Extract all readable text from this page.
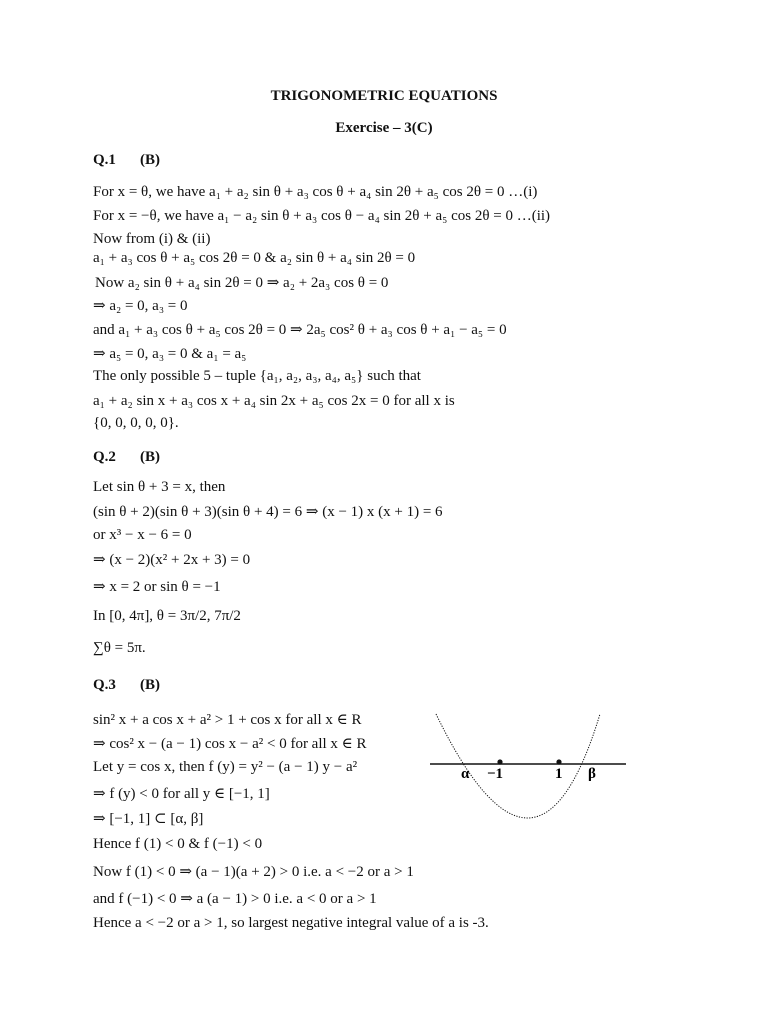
TRIGONOMETRIC EQUATIONS
Exercise – 3(C)
Q.1 (B)
For x = θ, we have a₁ + a₂ sin θ + a₃ cos θ + a₄ sin 2θ + a₅ cos 2θ = 0 …(i)
For x = −θ, we have a₁ − a₂ sin θ + a₃ cos θ − a₄ sin 2θ + a₅ cos 2θ = 0 …(ii)
Now from (i) & (ii)
a₁ + a₃ cos θ + a₅ cos 2θ = 0 & a₂ sin θ + a₄ sin 2θ = 0
Now a₂ sin θ + a₄ sin 2θ = 0 ⇒ a₂ + 2a₃ cos θ = 0
⇒ a₂ = 0, a₃ = 0
and a₁ + a₃ cos θ + a₅ cos 2θ = 0 ⇒ 2a₅ cos² θ + a₃ cos θ + a₁ − a₅ = 0
⇒ a₅ = 0, a₃ = 0 & a₁ = a₅
The only possible 5 – tuple {a₁, a₂, a₃, a₄, a₅} such that
a₁ + a₂ sin x + a₃ cos x + a₄ sin 2x + a₅ cos 2x = 0 for all x is
{0, 0, 0, 0, 0}.
Q.2 (B)
Let sin θ + 3 = x, then
(sin θ + 2)(sin θ + 3)(sin θ + 4) = 6 ⇒ (x − 1) x (x + 1) = 6
or x³ − x − 6 = 0
⇒ (x − 2)(x² + 2x + 3) = 0
⇒ x = 2 or sin θ = −1
In [0, 4π], θ = 3π/2, 7π/2
∑θ = 5π.
Q.3 (B)
sin² x + a cos x + a² > 1 + cos x for all x ∈ R
⇒ cos² x − (a − 1) cos x − a² < 0 for all x ∈ R
Let y = cos x, then f (y) = y² − (a − 1) y − a²
⇒ f (y) < 0 for all y ∈ [−1, 1]
⇒ [−1, 1] ⊂ [α, β]
Hence f (1) < 0 & f (−1) < 0
Now f (1) < 0 ⇒ (a − 1)(a + 2) > 0 i.e. a < −2 or a > 1
and f (−1) < 0 ⇒ a (a − 1) > 0 i.e. a < 0 or a > 1
Hence a < −2 or a > 1, so largest negative integral value of a is -3.
α −1	1 β
